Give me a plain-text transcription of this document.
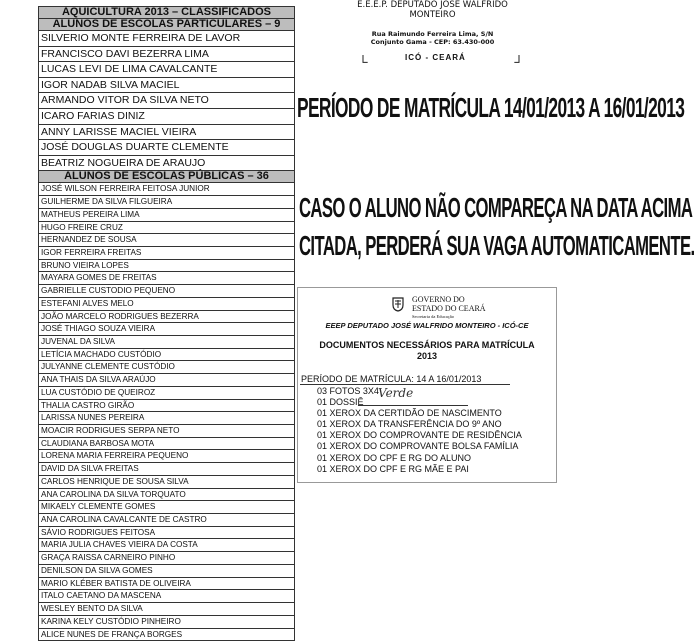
AQUICULTURA 2013 – CLASSIFICADOS
ALUNOS DE ESCOLAS PARTICULARES – 9
SILVERIO MONTE FERREIRA DE LAVOR
FRANCISCO DAVI BEZERRA LIMA
LUCAS LEVI DE LIMA CAVALCANTE
IGOR NADAB SILVA MACIEL
ARMANDO VITOR DA SILVA NETO
ICARO FARIAS DINIZ
ANNY LARISSE MACIEL VIEIRA
JOSÉ DOUGLAS DUARTE CLEMENTE
BEATRIZ NOGUEIRA DE ARAUJO
ALUNOS DE ESCOLAS PÚBLICAS – 36
JOSÉ WILSON FERREIRA FEITOSA JUNIOR
GUILHERME DA SILVA FILGUEIRA
MATHEUS PEREIRA LIMA
HUGO FREIRE CRUZ
HERNANDEZ DE SOUSA
IGOR FERREIRA FREITAS
BRUNO VIEIRA LOPES
MAYARA GOMES DE FREITAS
GABRIELLE CUSTODIO PEQUENO
ESTEFANI ALVES MELO
JOÃO MARCELO RODRIGUES BEZERRA
JOSÉ THIAGO SOUZA VIEIRA
JUVENAL DA SILVA
LETÍCIA MACHADO CUSTÓDIO
JULYANNE CLEMENTE CUSTÓDIO
ANA THAIS DA SILVA ARAÚJO
LUA CUSTÓDIO DE QUEIROZ
THALIA CASTRO GIRÃO
LARISSA NUNES PEREIRA
MOACIR RODRIGUES SERPA NETO
CLAUDIANA BARBOSA MOTA
LORENA MARIA FERREIRA PEQUENO
DAVID DA SILVA FREITAS
CARLOS HENRIQUE DE SOUSA SILVA
ANA CAROLINA DA SILVA TORQUATO
MIKAELY CLEMENTE GOMES
ANA CAROLINA CAVALCANTE DE CASTRO
SÁVIO RODRIGUES FEITOSA
MARIA JULIA CHAVES VIEIRA DA COSTA
GRAÇA RAISSA CARNEIRO PINHO
DENILSON DA SILVA GOMES
MARIO KLÉBER BATISTA DE OLIVEIRA
ITALO CAETANO DA MASCENA
WESLEY BENTO DA SILVA
KARINA KELY CUSTÓDIO PINHEIRO
ALICE NUNES DE FRANÇA BORGES
E.E.E.P. DEPUTADO JOSÉ WALFRIDO
MONTEIRO
Rua Raimundo Ferreira Lima, S/N
Conjunto Gama - CEP: 63.430-000
ICÓ - CEARÁ
PERÍODO DE MATRÍCULA 14/01/2013 A 16/01/2013
CASO O ALUNO NÃO COMPAREÇA NA DATA ACIMA
CITADA, PERDERÁ SUA VAGA AUTOMATICAMENTE.
GOVERNO DO
ESTADO DO CEARÁ
Secretaria da Educação
EEEP DEPUTADO JOSÉ WALFRIDO MONTEIRO - ICÓ-CE
DOCUMENTOS NECESSÁRIOS PARA MATRÍCULA
2013
PERÍODO DE MATRÍCULA: 14 A 16/01/2013
03 FOTOS 3X4
01 DOSSIÊ
01 XEROX DA CERTIDÃO DE NASCIMENTO
01 XEROX DA TRANSFERÊNCIA DO 9º ANO
01 XEROX DO COMPROVANTE DE RESIDÊNCIA
01 XEROX DO COMPROVANTE BOLSA FAMÍLIA
01 XEROX DO CPF E RG DO ALUNO
01 XEROX DO CPF E RG MÃE E PAI
Verde
